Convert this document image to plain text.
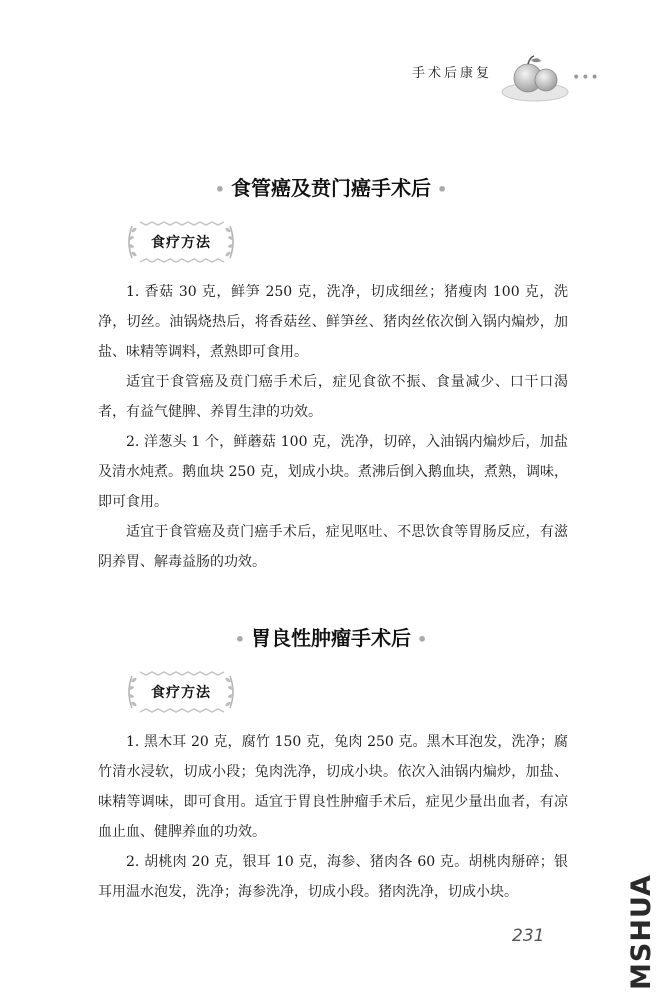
手术后康复	•••
• 食管癌及贲门癌手术后 •
食疗方法

1. 香菇 30 克，鲜笋 250 克，洗净，切成细丝；猪瘦肉 100 克，洗净，切丝。油锅烧热后，将香菇丝、鲜笋丝、猪肉丝依次倒入锅内煸炒，加盐、味精等调料，煮熟即可食用。

适宜于食管癌及贲门癌手术后，症见食欲不振、食量减少、口干口渴者，有益气健脾、养胃生津的功效。

2. 洋葱头 1 个，鲜蘑菇 100 克，洗净，切碎，入油锅内煸炒后，加盐及清水炖煮。鹅血块 250 克，划成小块。煮沸后倒入鹅血块，煮熟，调味，即可食用。

适宜于食管癌及贲门癌手术后，症见呕吐、不思饮食等胃肠反应，有滋阴养胃、解毒益肠的功效。

• 胃良性肿瘤手术后 •
食疗方法

1. 黑木耳 20 克，腐竹 150 克，兔肉 250 克。黑木耳泡发，洗净；腐竹清水浸软，切成小段；兔肉洗净，切成小块。依次入油锅内煸炒，加盐、味精等调味，即可食用。适宜于胃良性肿瘤手术后，症见少量出血者，有凉血止血、健脾养血的功效。

2. 胡桃肉 20 克，银耳 10 克，海参、猪肉各 60 克。胡桃肉掰碎；银耳用温水泡发，洗净；海参洗净，切成小段。猪肉洗净，切成小块。

231	MSHUA
